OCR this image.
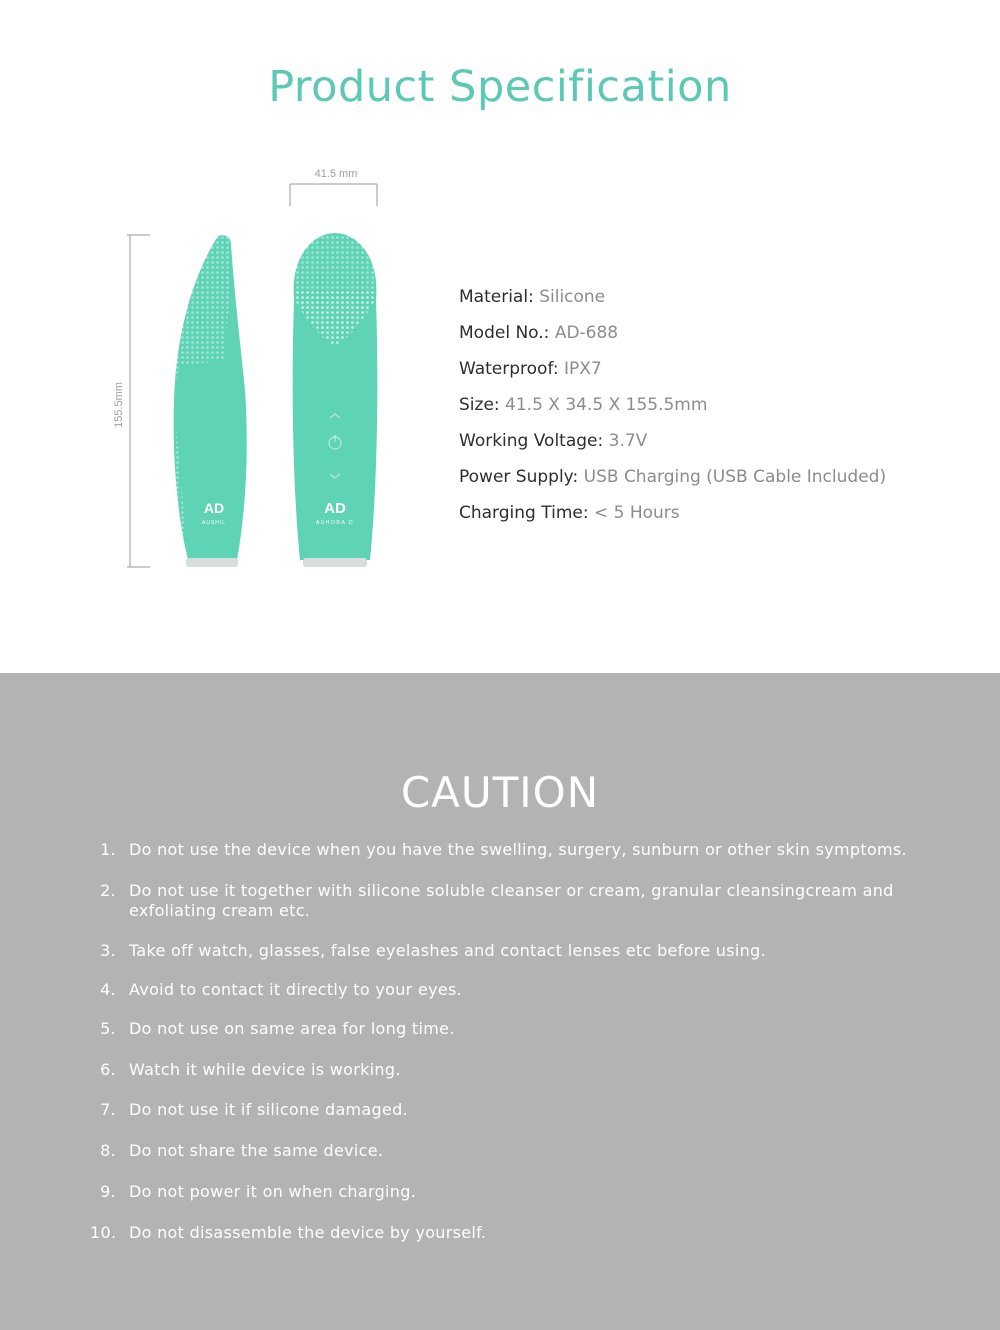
Product Specification
41.5 mm
155.5mm
AD
AUSHIL
AD
AUHORA D
Material: Silicone
Model No.: AD-688
Waterproof: IPX7
Size: 41.5 X 34.5 X 155.5mm
Working Voltage: 3.7V
Power Supply: USB Charging (USB Cable Included)
Charging Time: < 5 Hours
CAUTION
1. Do not use the device when you have the swelling, surgery, sunburn or other skin symptoms.
2. Do not use it together with silicone soluble cleanser or cream, granular cleansingcream and exfoliating cream etc.
3. Take off watch, glasses, false eyelashes and contact lenses etc before using.
4. Avoid to contact it directly to your eyes.
5. Do not use on same area for long time.
6. Watch it while device is working.
7. Do not use it if silicone damaged.
8. Do not share the same device.
9. Do not power it on when charging.
10. Do not disassemble the device by yourself.
